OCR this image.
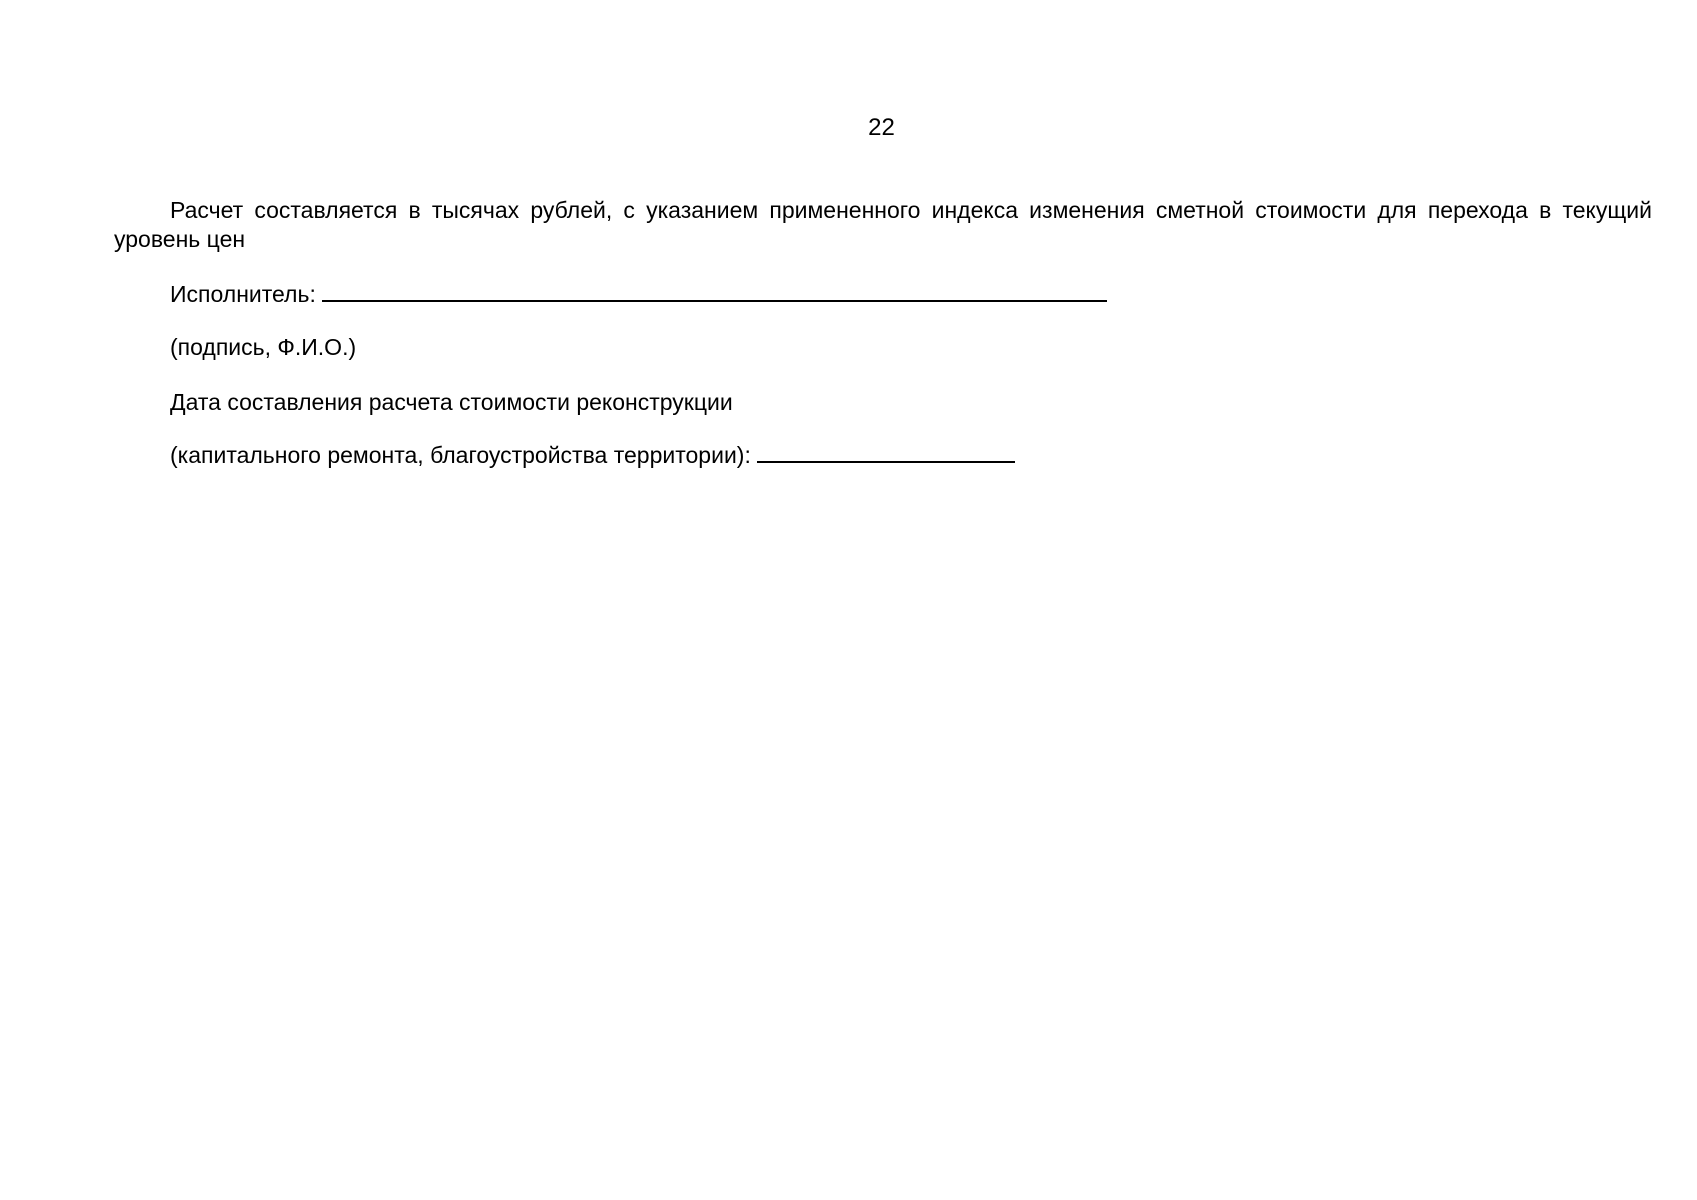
22
Расчет составляется в тысячах рублей, с указанием примененного индекса изменения сметной стоимости для перехода в текущий уровень цен
Исполнитель:
(подпись, Ф.И.О.)
Дата составления расчета стоимости реконструкции
(капитального ремонта, благоустройства территории):
